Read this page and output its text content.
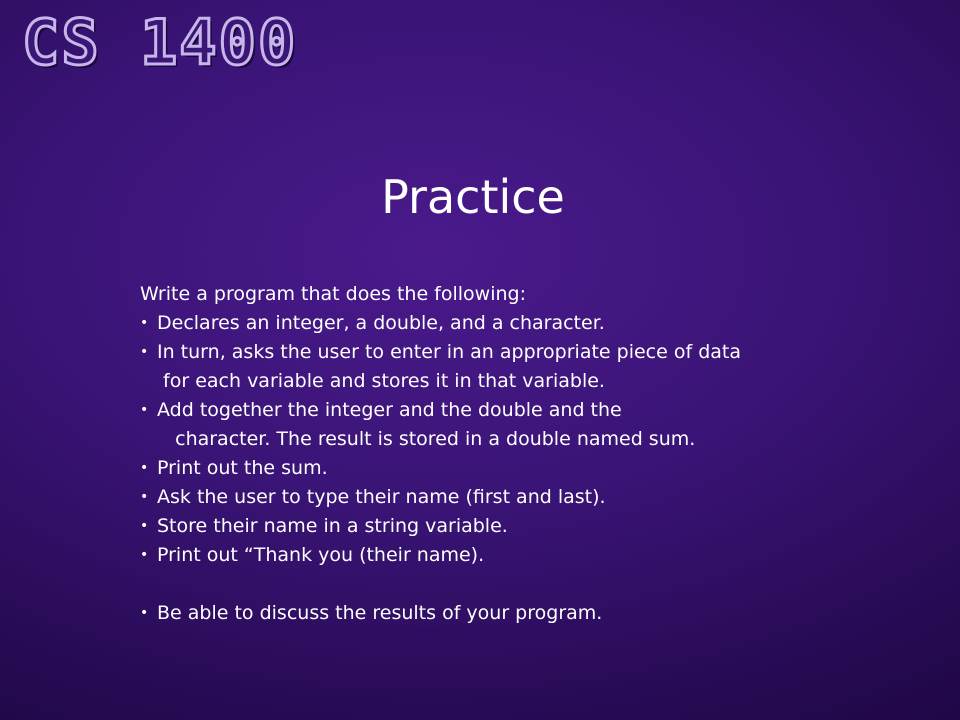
CS 1400
Practice

Write a program that does the following:

• Declares an integer, a double, and a character.
• In turn, asks the user to enter in an appropriate piece of data
for each variable and stores it in that variable.
• Add together the integer and the double and the
character. The result is stored in a double named sum.
• Print out the sum.
• Ask the user to type their name (first and last).
• Store their name in a string variable.
• Print out “Thank you (their name).
• Be able to discuss the results of your program.
